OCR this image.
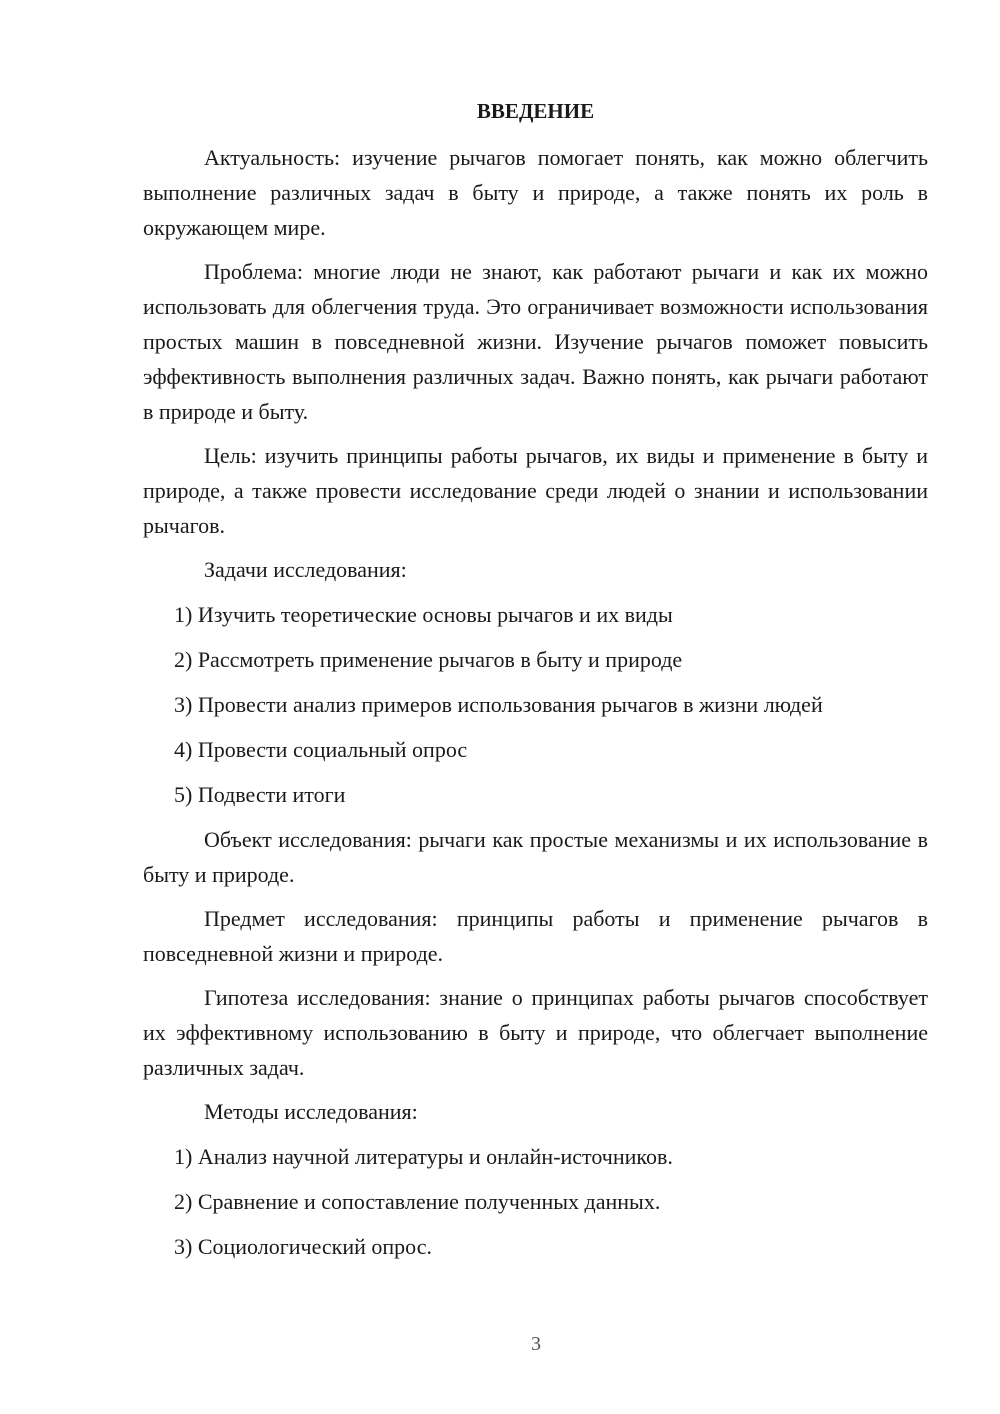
ВВЕДЕНИЕ

Актуальность: изучение рычагов помогает понять, как можно облегчить выполнение различных задач в быту и природе, а также понять их роль в окружающем мире.

Проблема: многие люди не знают, как работают рычаги и как их можно использовать для облегчения труда. Это ограничивает возможности использования простых машин в повседневной жизни. Изучение рычагов поможет повысить эффективность выполнения различных задач. Важно понять, как рычаги работают в природе и быту.

Цель: изучить принципы работы рычагов, их виды и применение в быту и природе, а также провести исследование среди людей о знании и использовании рычагов.

Задачи исследования:

1) Изучить теоретические основы рычагов и их виды
2) Рассмотреть применение рычагов в быту и природе
3) Провести анализ примеров использования рычагов в жизни людей
4) Провести социальный опрос
5) Подвести итоги

Объект исследования: рычаги как простые механизмы и их использование в быту и природе.

Предмет исследования: принципы работы и применение рычагов в повседневной жизни и природе.

Гипотеза исследования: знание о принципах работы рычагов способствует их эффективному использованию в быту и природе, что облегчает выполнение различных задач.

Методы исследования:

1) Анализ научной литературы и онлайн-источников.
2) Сравнение и сопоставление полученных данных.
3) Социологический опрос.
3
